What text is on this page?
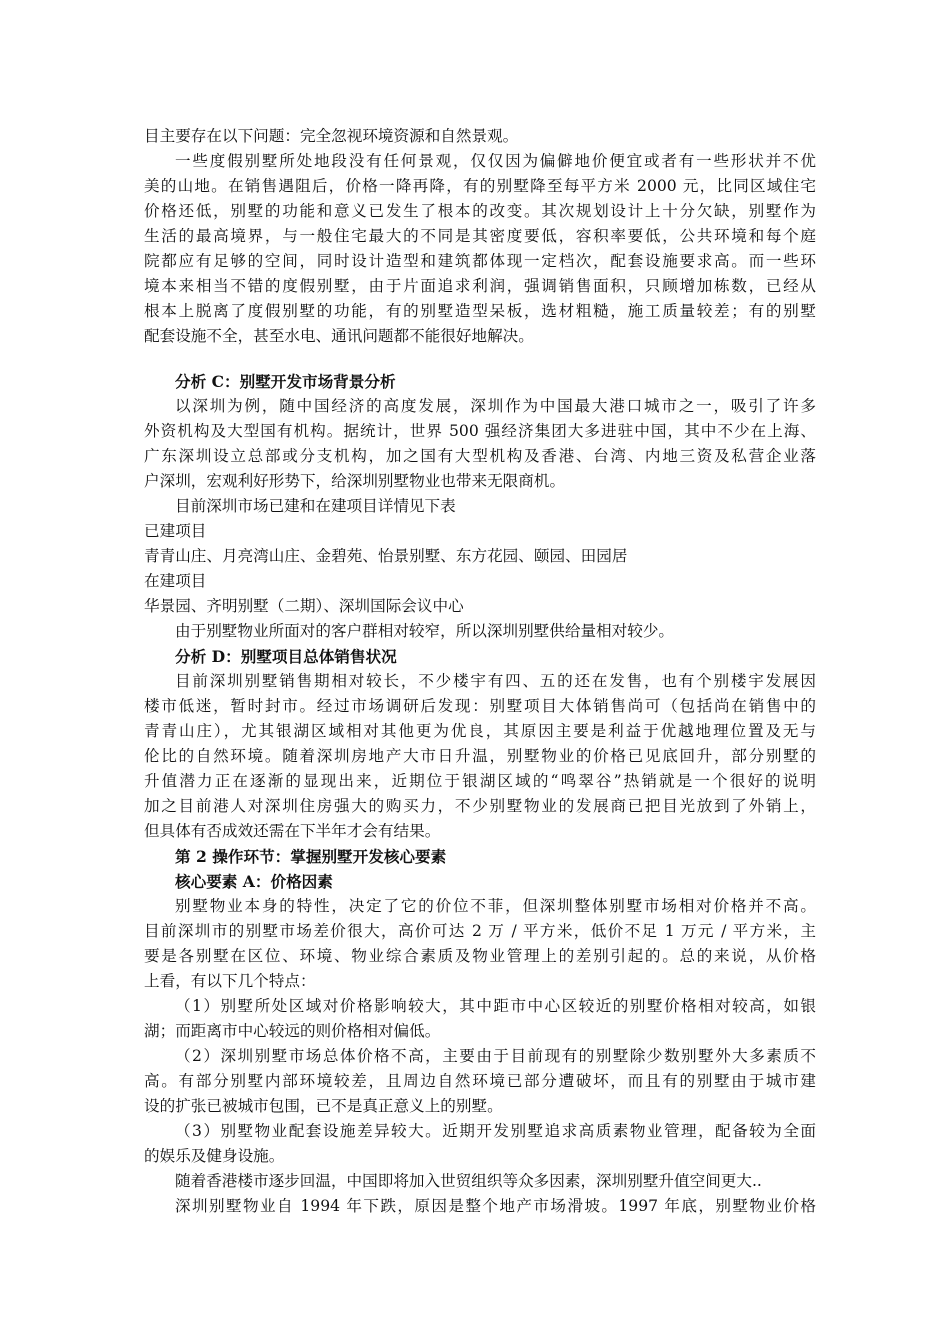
目主要存在以下问题：完全忽视环境资源和自然景观。
一些度假别墅所处地段没有任何景观，仅仅因为偏僻地价便宜或者有一些形状并不优
美的山地。在销售遇阻后，价格一降再降，有的别墅降至每平方米 2000 元，比同区域住宅
价格还低，别墅的功能和意义已发生了根本的改变。其次规划设计上十分欠缺，别墅作为
生活的最高境界，与一般住宅最大的不同是其密度要低，容积率要低，公共环境和每个庭
院都应有足够的空间，同时设计造型和建筑都体现一定档次，配套设施要求高。而一些环
境本来相当不错的度假别墅，由于片面追求利润，强调销售面积，只顾增加栋数，已经从
根本上脱离了度假别墅的功能，有的别墅造型呆板，选材粗糙，施工质量较差；有的别墅
配套设施不全，甚至水电、通讯问题都不能很好地解决。
分析 C：别墅开发市场背景分析
以深圳为例，随中国经济的高度发展，深圳作为中国最大港口城市之一，吸引了许多
外资机构及大型国有机构。据统计，世界 500 强经济集团大多进驻中国，其中不少在上海、
广东深圳设立总部或分支机构，加之国有大型机构及香港、台湾、内地三资及私营企业落
户深圳，宏观利好形势下，给深圳别墅物业也带来无限商机。
目前深圳市场已建和在建项目详情见下表
已建项目
青青山庄、月亮湾山庄、金碧苑、怡景别墅、东方花园、颐园、田园居
在建项目
华景园、齐明别墅（二期）、深圳国际会议中心
由于别墅物业所面对的客户群相对较窄，所以深圳别墅供给量相对较少。
分析 D：别墅项目总体销售状况
目前深圳别墅销售期相对较长，不少楼宇有四、五的还在发售，也有个别楼宇发展因
楼市低迷，暂时封市。经过市场调研后发现：别墅项目大体销售尚可（包括尚在销售中的
青青山庄），尤其银湖区域相对其他更为优良，其原因主要是利益于优越地理位置及无与
伦比的自然环境。随着深圳房地产大市日升温，别墅物业的价格已见底回升，部分别墅的
升值潜力正在逐渐的显现出来，近期位于银湖区域的“鸣翠谷”热销就是一个很好的说明
加之目前港人对深圳住房强大的购买力，不少别墅物业的发展商已把目光放到了外销上，
但具体有否成效还需在下半年才会有结果。
第 2 操作环节：掌握别墅开发核心要素
核心要素 A：价格因素
别墅物业本身的特性，决定了它的价位不菲，但深圳整体别墅市场相对价格并不高。
目前深圳市的别墅市场差价很大，高价可达 2 万 / 平方米，低价不足 1 万元 / 平方米，主
要是各别墅在区位、环境、物业综合素质及物业管理上的差别引起的。总的来说，从价格
上看，有以下几个特点：
（1）别墅所处区域对价格影响较大，其中距市中心区较近的别墅价格相对较高，如银
湖；而距离市中心较远的则价格相对偏低。
（2）深圳别墅市场总体价格不高，主要由于目前现有的别墅除少数别墅外大多素质不
高。有部分别墅内部环境较差，且周边自然环境已部分遭破坏，而且有的别墅由于城市建
设的扩张已被城市包围，已不是真正意义上的别墅。
（3）别墅物业配套设施差异较大。近期开发别墅追求高质素物业管理，配备较为全面
的娱乐及健身设施。
随着香港楼市逐步回温，中国即将加入世贸组织等众多因素，深圳别墅升值空间更大..
深圳别墅物业自 1994 年下跌，原因是整个地产市场滑坡。1997 年底，别墅物业价格
